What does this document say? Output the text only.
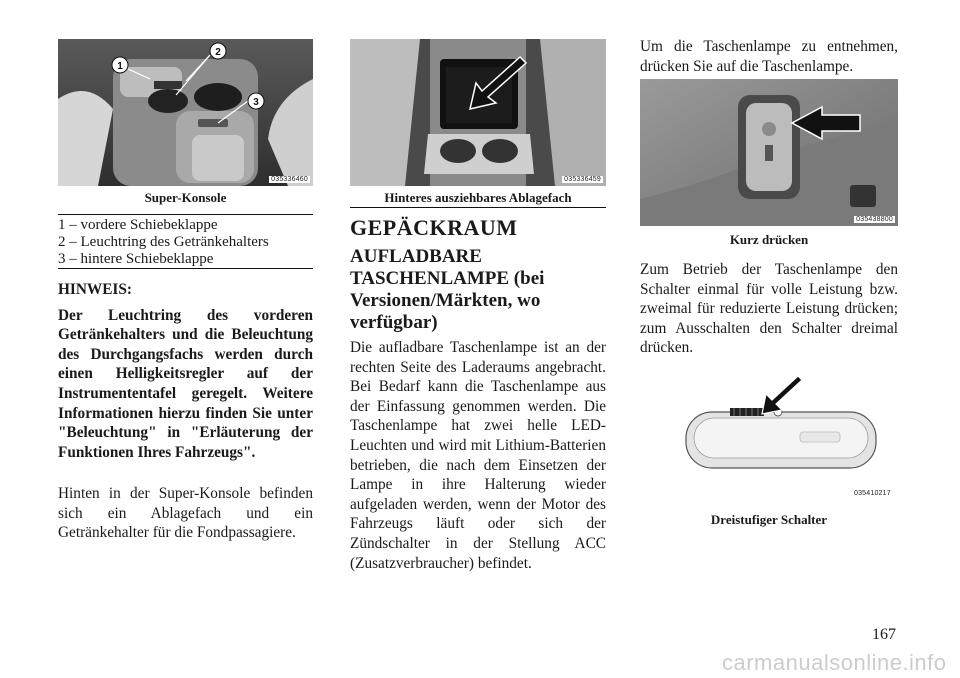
1
2
3
035336460
Super-Konsole
1 – vordere Schiebeklappe
2 – Leuchtring des Getränkehalters
3 – hintere Schiebeklappe

HINWEIS:

Der Leuchtring des vorderen Getränkehalters und die Beleuchtung des Durchgangsfachs werden durch einen Helligkeitsregler auf der Instrumententafel geregelt. Weitere Informationen hierzu finden Sie unter "Beleuchtung" in "Erläuterung der Funktionen Ihres Fahrzeugs".

Hinten in der Super-Konsole befinden sich ein Ablagefach und ein Getränkehalter für die Fondpassagiere.

035336459
Hinteres ausziehbares Ablagefach
GEPÄCKRAUM
AUFLADBARE TASCHENLAMPE (bei Versionen/Märkten, wo verfügbar)

Die aufladbare Taschenlampe ist an der rechten Seite des Laderaums angebracht. Bei Bedarf kann die Taschenlampe aus der Einfassung genommen werden. Die Taschenlampe hat zwei helle LED-Leuchten und wird mit Lithium-Batterien betrieben, die nach dem Einsetzen der Lampe in ihre Halterung wieder aufgeladen werden, wenn der Motor des Fahrzeugs läuft oder sich der Zündschalter in der Stellung ACC (Zusatzverbraucher) befindet.

Um die Taschenlampe zu entnehmen, drücken Sie auf die Taschenlampe.

035438800
Kurz drücken

Zum Betrieb der Taschenlampe den Schalter einmal für volle Leistung bzw. zweimal für reduzierte Leistung drücken; zum Ausschalten den Schalter dreimal drücken.

035410217
Dreistufiger Schalter
167
carmanualsonline.info
